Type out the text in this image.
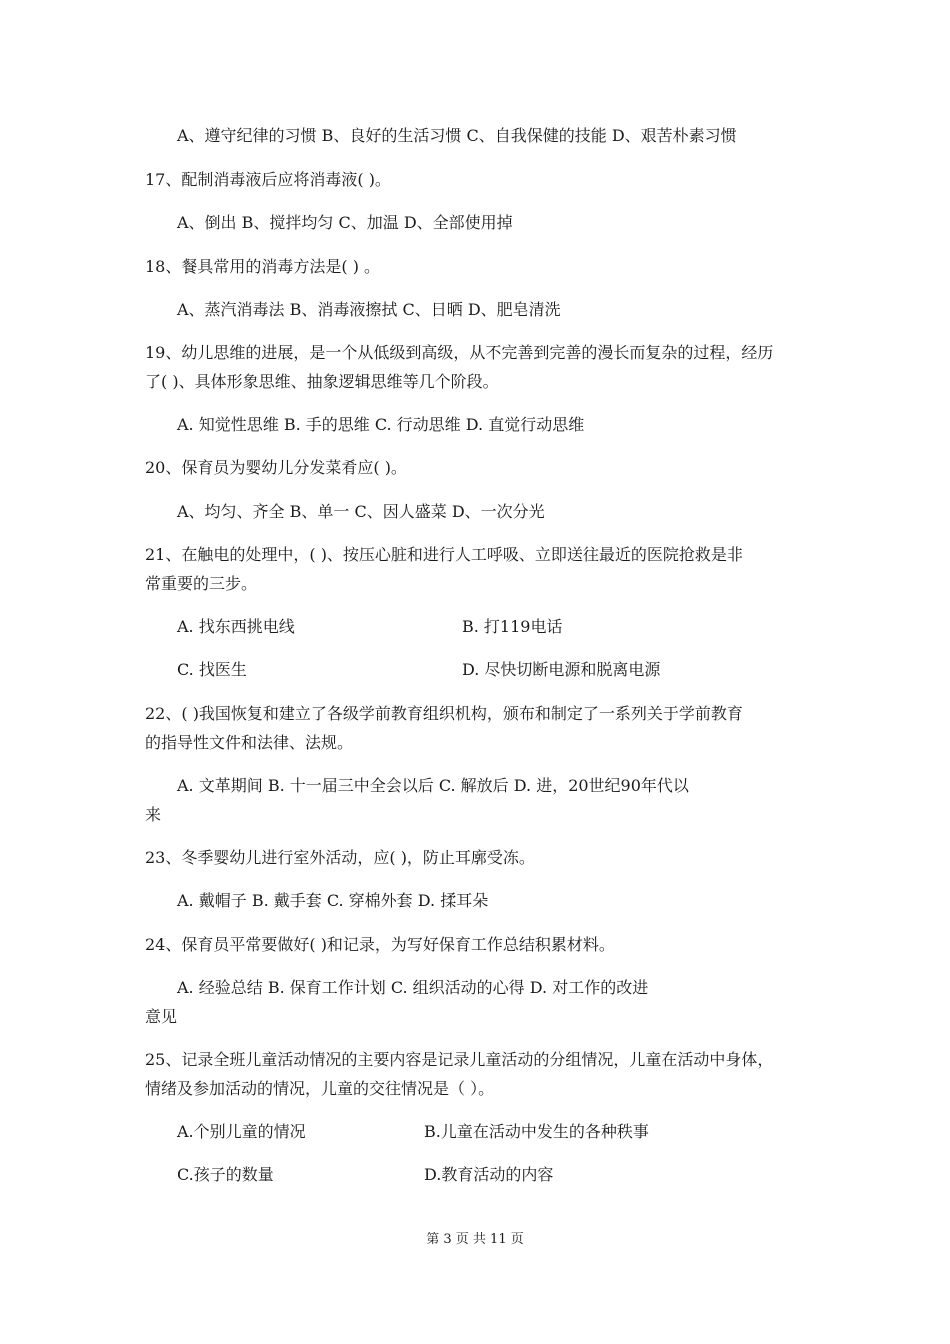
A、遵守纪律的习惯 B、良好的生活习惯 C、自我保健的技能 D、艰苦朴素习惯
17、配制消毒液后应将消毒液( )。
A、倒出 B、搅拌均匀 C、加温 D、全部使用掉
18、餐具常用的消毒方法是( ) 。
A、蒸汽消毒法 B、消毒液擦拭 C、日晒 D、肥皂清洗
19、幼儿思维的进展，是一个从低级到高级，从不完善到完善的漫长而复杂的过程，经历
了( )、具体形象思维、抽象逻辑思维等几个阶段。
A. 知觉性思维 B. 手的思维 C. 行动思维 D. 直觉行动思维
20、保育员为婴幼儿分发菜肴应( )。
A、均匀、齐全 B、单一 C、因人盛菜 D、一次分光
21、在触电的处理中，( )、按压心脏和进行人工呼吸、立即送往最近的医院抢救是非
常重要的三步。
A. 找东西挑电线	B. 打119电话
C. 找医生	D. 尽快切断电源和脱离电源
22、( )我国恢复和建立了各级学前教育组织机构，颁布和制定了一系列关于学前教育
的指导性文件和法律、法规。
A. 文革期间 B. 十一届三中全会以后 C. 解放后 D. 进，20世纪90年代以
来
23、冬季婴幼儿进行室外活动，应( )，防止耳廓受冻。
A. 戴帽子 B. 戴手套 C. 穿棉外套 D. 揉耳朵
24、保育员平常要做好( )和记录，为写好保育工作总结积累材料。
A. 经验总结 B. 保育工作计划 C. 组织活动的心得 D. 对工作的改进
意见
25、记录全班儿童活动情况的主要内容是记录儿童活动的分组情况，儿童在活动中身体，
情绪及参加活动的情况，儿童的交往情况是（ ）。
A.个别儿童的情况	B.儿童在活动中发生的各种秩事
C.孩子的数量	D.教育活动的内容
第 3 页 共 11 页
